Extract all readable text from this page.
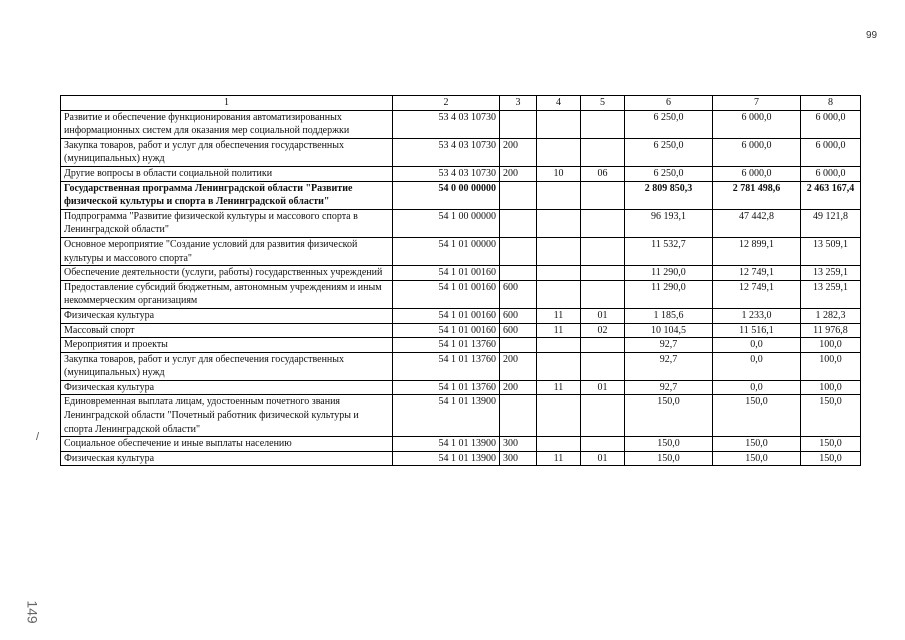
99
1	2	3	4	5	6	7	8
Развитие и обеспечение функционирования автоматизированных информационных систем для оказания мер социальной поддержки	53 4 03 10730				6 250,0	6 000,0	6 000,0
Закупка товаров, работ и услуг для обеспечения государственных (муниципальных) нужд	53 4 03 10730	200			6 250,0	6 000,0	6 000,0
Другие вопросы в области социальной политики	53 4 03 10730	200	10	06	6 250,0	6 000,0	6 000,0
Государственная программа Ленинградской области "Развитие физической культуры и спорта в Ленинградской области"	54 0 00 00000				2 809 850,3	2 781 498,6	2 463 167,4
Подпрограмма "Развитие физической культуры и массового спорта в Ленинградской области"	54 1 00 00000				96 193,1	47 442,8	49 121,8
Основное мероприятие "Создание условий для развития физической культуры и массового спорта"	54 1 01 00000				11 532,7	12 899,1	13 509,1
Обеспечение деятельности (услуги, работы) государственных учреждений	54 1 01 00160				11 290,0	12 749,1	13 259,1
Предоставление субсидий бюджетным, автономным учреждениям и иным некоммерческим организациям	54 1 01 00160	600			11 290,0	12 749,1	13 259,1
Физическая культура	54 1 01 00160	600	11	01	1 185,6	1 233,0	1 282,3
Массовый спорт	54 1 01 00160	600	11	02	10 104,5	11 516,1	11 976,8
Мероприятия и проекты	54 1 01 13760				92,7	0,0	100,0
Закупка товаров, работ и услуг для обеспечения государственных (муниципальных) нужд	54 1 01 13760	200			92,7	0,0	100,0
Физическая культура	54 1 01 13760	200	11	01	92,7	0,0	100,0
Единовременная выплата лицам, удостоенным почетного звания Ленинградской области "Почетный работник физической культуры и спорта Ленинградской области"	54 1 01 13900				150,0	150,0	150,0
Социальное обеспечение и иные выплаты населению	54 1 01 13900	300			150,0	150,0	150,0
Физическая культура	54 1 01 13900	300	11	01	150,0	150,0	150,0
/
149
